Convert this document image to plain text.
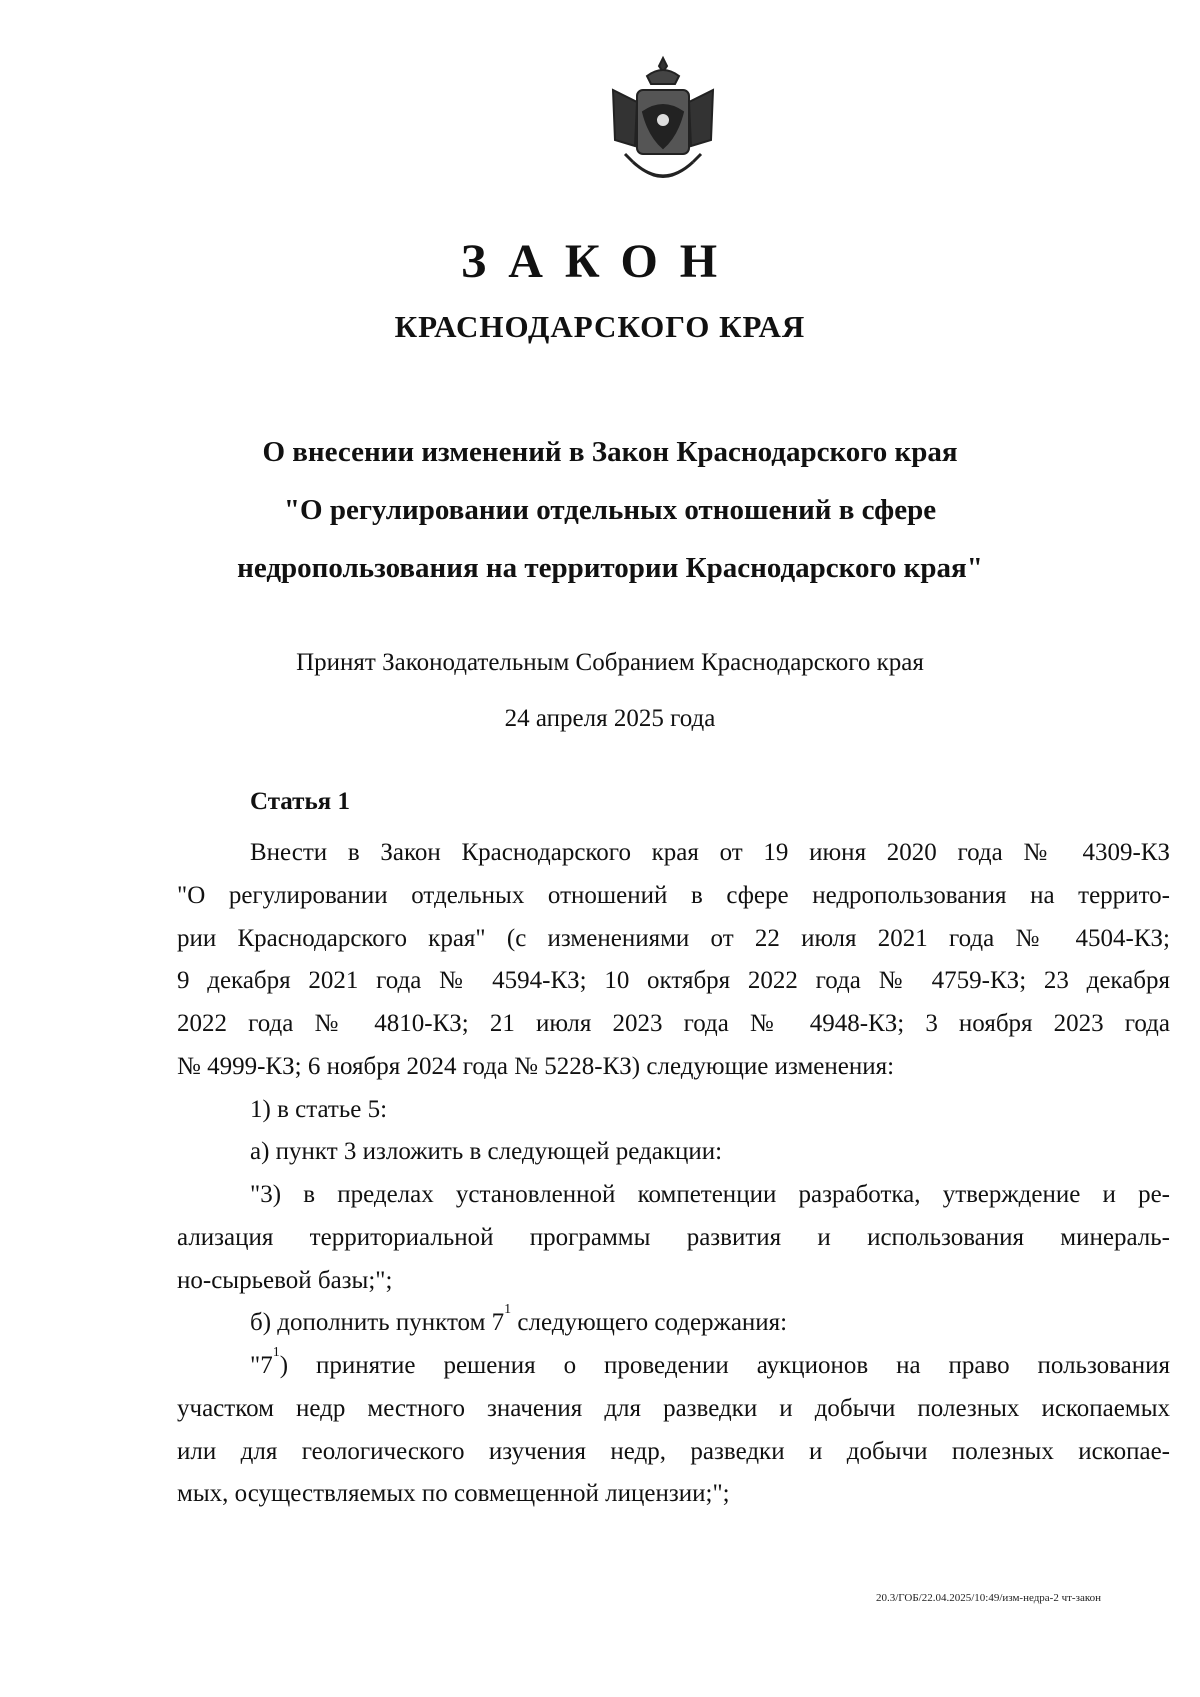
ЗАКОН
КРАСНОДАРСКОГО КРАЯ
О внесении изменений в Закон Краснодарского края
"О регулировании отдельных отношений в сфере
недропользования на территории Краснодарского края"
Принят Законодательным Собранием Краснодарского края
24 апреля 2025 года
Статья 1
Внести в Закон Краснодарского края от 19 июня 2020 года № 4309-КЗ
"О регулировании отдельных отношений в сфере недропользования на террито-
рии Краснодарского края" (с изменениями от 22 июля 2021 года № 4504-КЗ;
9 декабря 2021 года № 4594-КЗ; 10 октября 2022 года № 4759-КЗ; 23 декабря
2022 года № 4810-КЗ; 21 июля 2023 года № 4948-КЗ; 3 ноября 2023 года
№ 4999-КЗ; 6 ноября 2024 года № 5228-КЗ) следующие изменения:
1) в статье 5:
а) пункт 3 изложить в следующей редакции:
"3) в пределах установленной компетенции разработка, утверждение и ре-
ализация территориальной программы развития и использования минераль-
но-сырьевой базы;";
б) дополнить пунктом $7^1$ следующего содержания:
"$7^1$) принятие решения о проведении аукционов на право пользования
участком недр местного значения для разведки и добычи полезных ископаемых
или для геологического изучения недр, разведки и добычи полезных ископае-
мых, осуществляемых по совмещенной лицензии;";
20.3/ГОБ/22.04.2025/10:49/изм-недра-2 чт-закон
